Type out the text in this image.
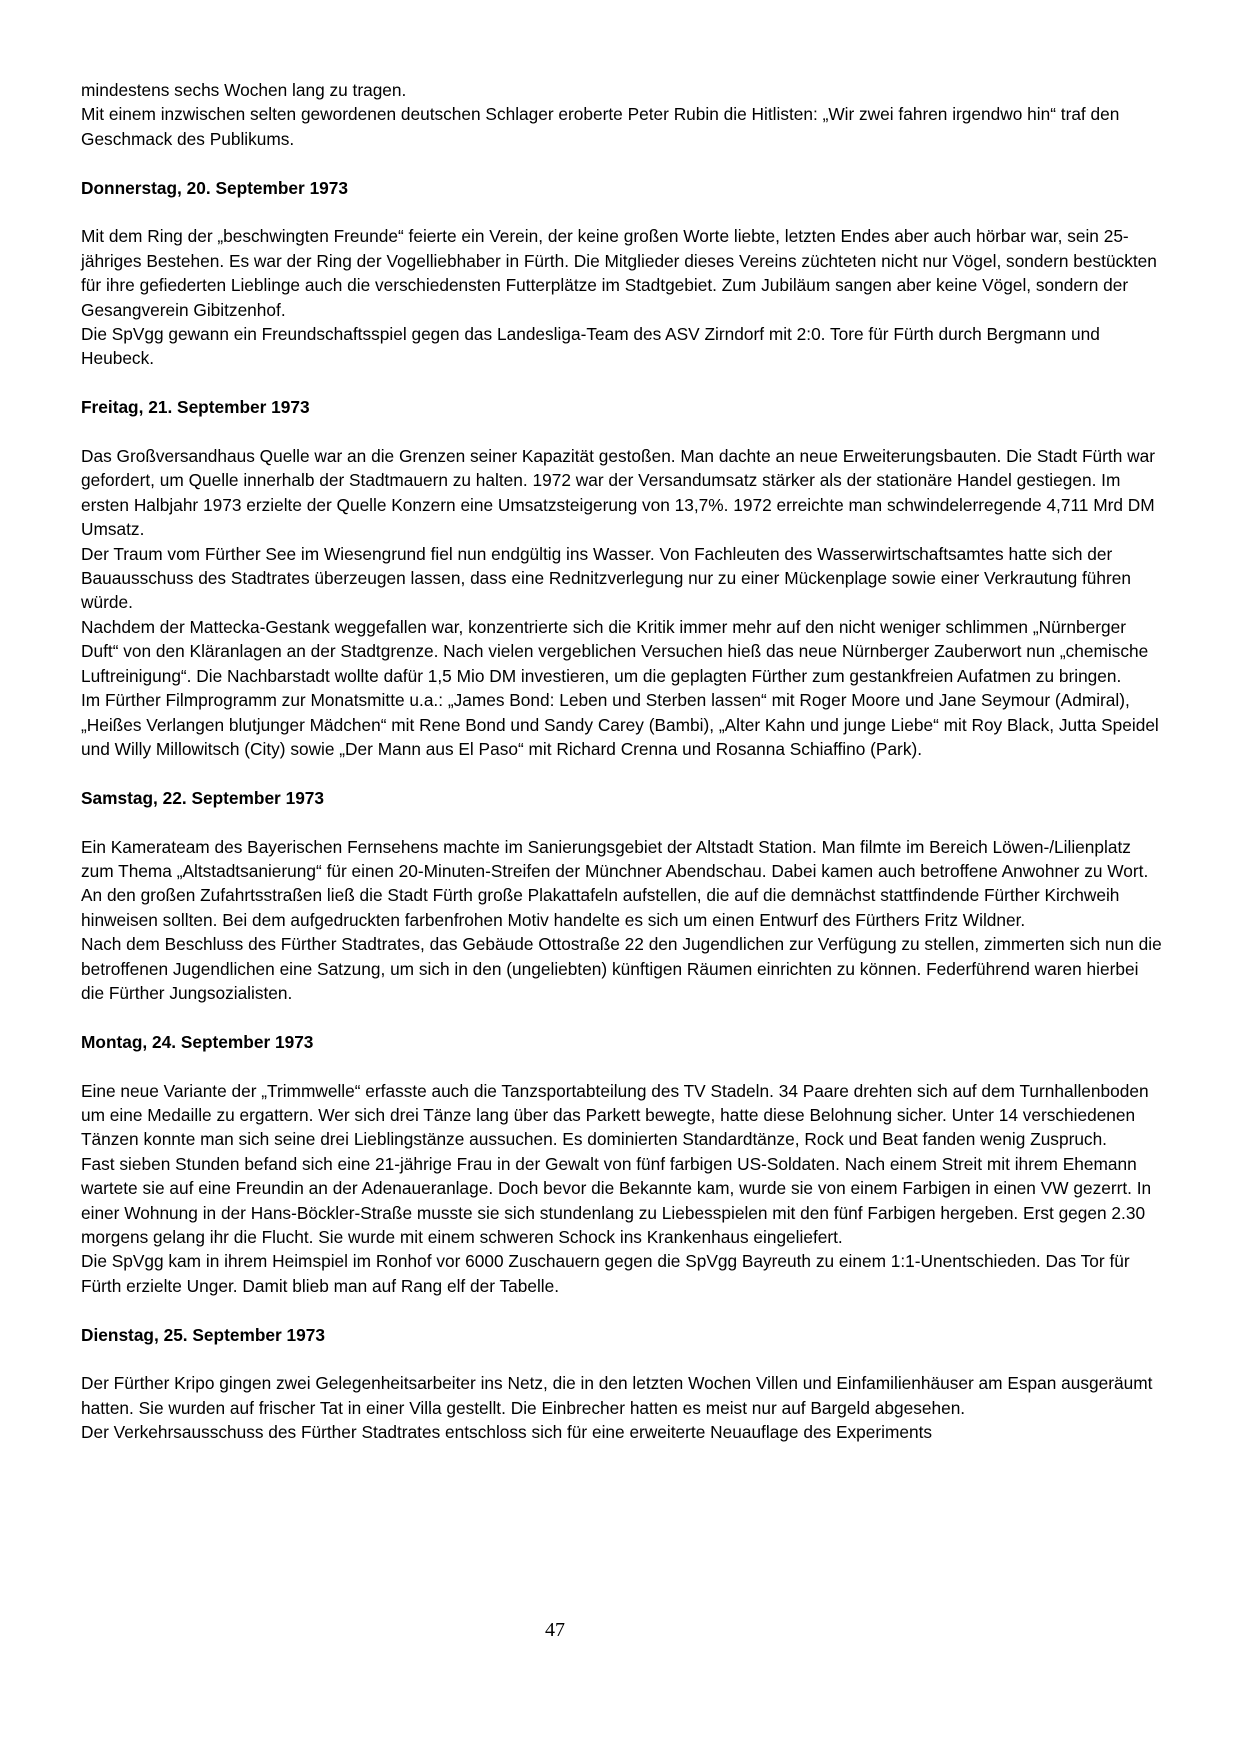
mindestens sechs Wochen lang zu tragen.

Mit einem inzwischen selten gewordenen deutschen Schlager eroberte Peter Rubin die Hitlisten: „Wir zwei fahren irgendwo hin“ traf den Geschmack des Publikums.

Donnerstag, 20. September 1973

Mit dem Ring der „beschwingten Freunde“ feierte ein Verein, der keine großen Worte liebte, letzten Endes aber auch hörbar war, sein 25-jähriges Bestehen. Es war der Ring der Vogelliebhaber in Fürth. Die Mitglieder dieses Vereins züchteten nicht nur Vögel, sondern bestückten für ihre gefiederten Lieblinge auch die verschiedensten Futterplätze im Stadtgebiet. Zum Jubiläum sangen aber keine Vögel, sondern der Gesangverein Gibitzenhof.

Die SpVgg gewann ein Freundschaftsspiel gegen das Landesliga-Team des ASV Zirndorf mit 2:0. Tore für Fürth durch Bergmann und Heubeck.

Freitag, 21. September 1973

Das Großversandhaus Quelle war an die Grenzen seiner Kapazität gestoßen. Man dachte an neue Erweiterungsbauten. Die Stadt Fürth war gefordert, um Quelle innerhalb der Stadtmauern zu halten. 1972 war der Versandumsatz stärker als der stationäre Handel gestiegen. Im ersten Halbjahr 1973 erzielte der Quelle Konzern eine Umsatzsteigerung von 13,7%. 1972 erreichte man schwindelerregende 4,711 Mrd DM Umsatz.

Der Traum vom Fürther See im Wiesengrund fiel nun endgültig ins Wasser. Von Fachleuten des Wasserwirtschaftsamtes hatte sich der Bauausschuss des Stadtrates überzeugen lassen, dass eine Rednitzverlegung nur zu einer Mückenplage sowie einer Verkrautung führen würde.

Nachdem der Mattecka-Gestank weggefallen war, konzentrierte sich die Kritik immer mehr auf den nicht weniger schlimmen „Nürnberger Duft“ von den Kläranlagen an der Stadtgrenze. Nach vielen vergeblichen Versuchen hieß das neue Nürnberger Zauberwort nun „chemische Luftreinigung“. Die Nachbarstadt wollte dafür 1,5 Mio DM investieren, um die geplagten Fürther zum gestankfreien Aufatmen zu bringen.

Im Fürther Filmprogramm zur Monatsmitte u.a.: „James Bond: Leben und Sterben lassen“ mit Roger Moore und Jane Seymour (Admiral), „Heißes Verlangen blutjunger Mädchen“ mit Rene Bond und Sandy Carey (Bambi), „Alter Kahn und junge Liebe“ mit Roy Black, Jutta Speidel und Willy Millowitsch (City) sowie „Der Mann aus El Paso“ mit Richard Crenna und Rosanna Schiaffino (Park).

Samstag, 22. September 1973

Ein Kamerateam des Bayerischen Fernsehens machte im Sanierungsgebiet der Altstadt Station. Man filmte im Bereich Löwen-/Lilienplatz zum Thema „Altstadtsanierung“ für einen 20-Minuten-Streifen der Münchner Abendschau. Dabei kamen auch betroffene Anwohner zu Wort.

An den großen Zufahrtsstraßen ließ die Stadt Fürth große Plakattafeln aufstellen, die auf die demnächst stattfindende Fürther Kirchweih hinweisen sollten. Bei dem aufgedruckten farbenfrohen Motiv handelte es sich um einen Entwurf des Fürthers Fritz Wildner.

Nach dem Beschluss des Fürther Stadtrates, das Gebäude Ottostraße 22 den Jugendlichen zur Verfügung zu stellen, zimmerten sich nun die betroffenen Jugendlichen eine Satzung, um sich in den (ungeliebten) künftigen Räumen einrichten zu können. Federführend waren hierbei die Fürther Jungsozialisten.

Montag, 24. September 1973

Eine neue Variante der „Trimmwelle“ erfasste auch die Tanzsportabteilung des TV Stadeln. 34 Paare drehten sich auf dem Turnhallenboden um eine Medaille zu ergattern. Wer sich drei Tänze lang über das Parkett bewegte, hatte diese Belohnung sicher. Unter 14 verschiedenen Tänzen konnte man sich seine drei Lieblingstänze aussuchen. Es dominierten Standardtänze, Rock und Beat fanden wenig Zuspruch.

Fast sieben Stunden befand sich eine 21-jährige Frau in der Gewalt von fünf farbigen US-Soldaten. Nach einem Streit mit ihrem Ehemann wartete sie auf eine Freundin an der Adenaueranlage. Doch bevor die Bekannte kam, wurde sie von einem Farbigen in einen VW gezerrt. In einer Wohnung in der Hans-Böckler-Straße musste sie sich stundenlang zu Liebesspielen mit den fünf Farbigen hergeben. Erst gegen 2.30 morgens gelang ihr die Flucht. Sie wurde mit einem schweren Schock ins Krankenhaus eingeliefert.

Die SpVgg kam in ihrem Heimspiel im Ronhof vor 6000 Zuschauern gegen die SpVgg Bayreuth zu einem 1:1-Unentschieden. Das Tor für Fürth erzielte Unger. Damit blieb man auf Rang elf der Tabelle.

Dienstag, 25. September 1973

Der Fürther Kripo gingen zwei Gelegenheitsarbeiter ins Netz, die in den letzten Wochen Villen und Einfamilienhäuser am Espan ausgeräumt hatten. Sie wurden auf frischer Tat in einer Villa gestellt. Die Einbrecher hatten es meist nur auf Bargeld abgesehen.

Der Verkehrsausschuss des Fürther Stadtrates entschloss sich für eine erweiterte Neuauflage des Experiments

47
